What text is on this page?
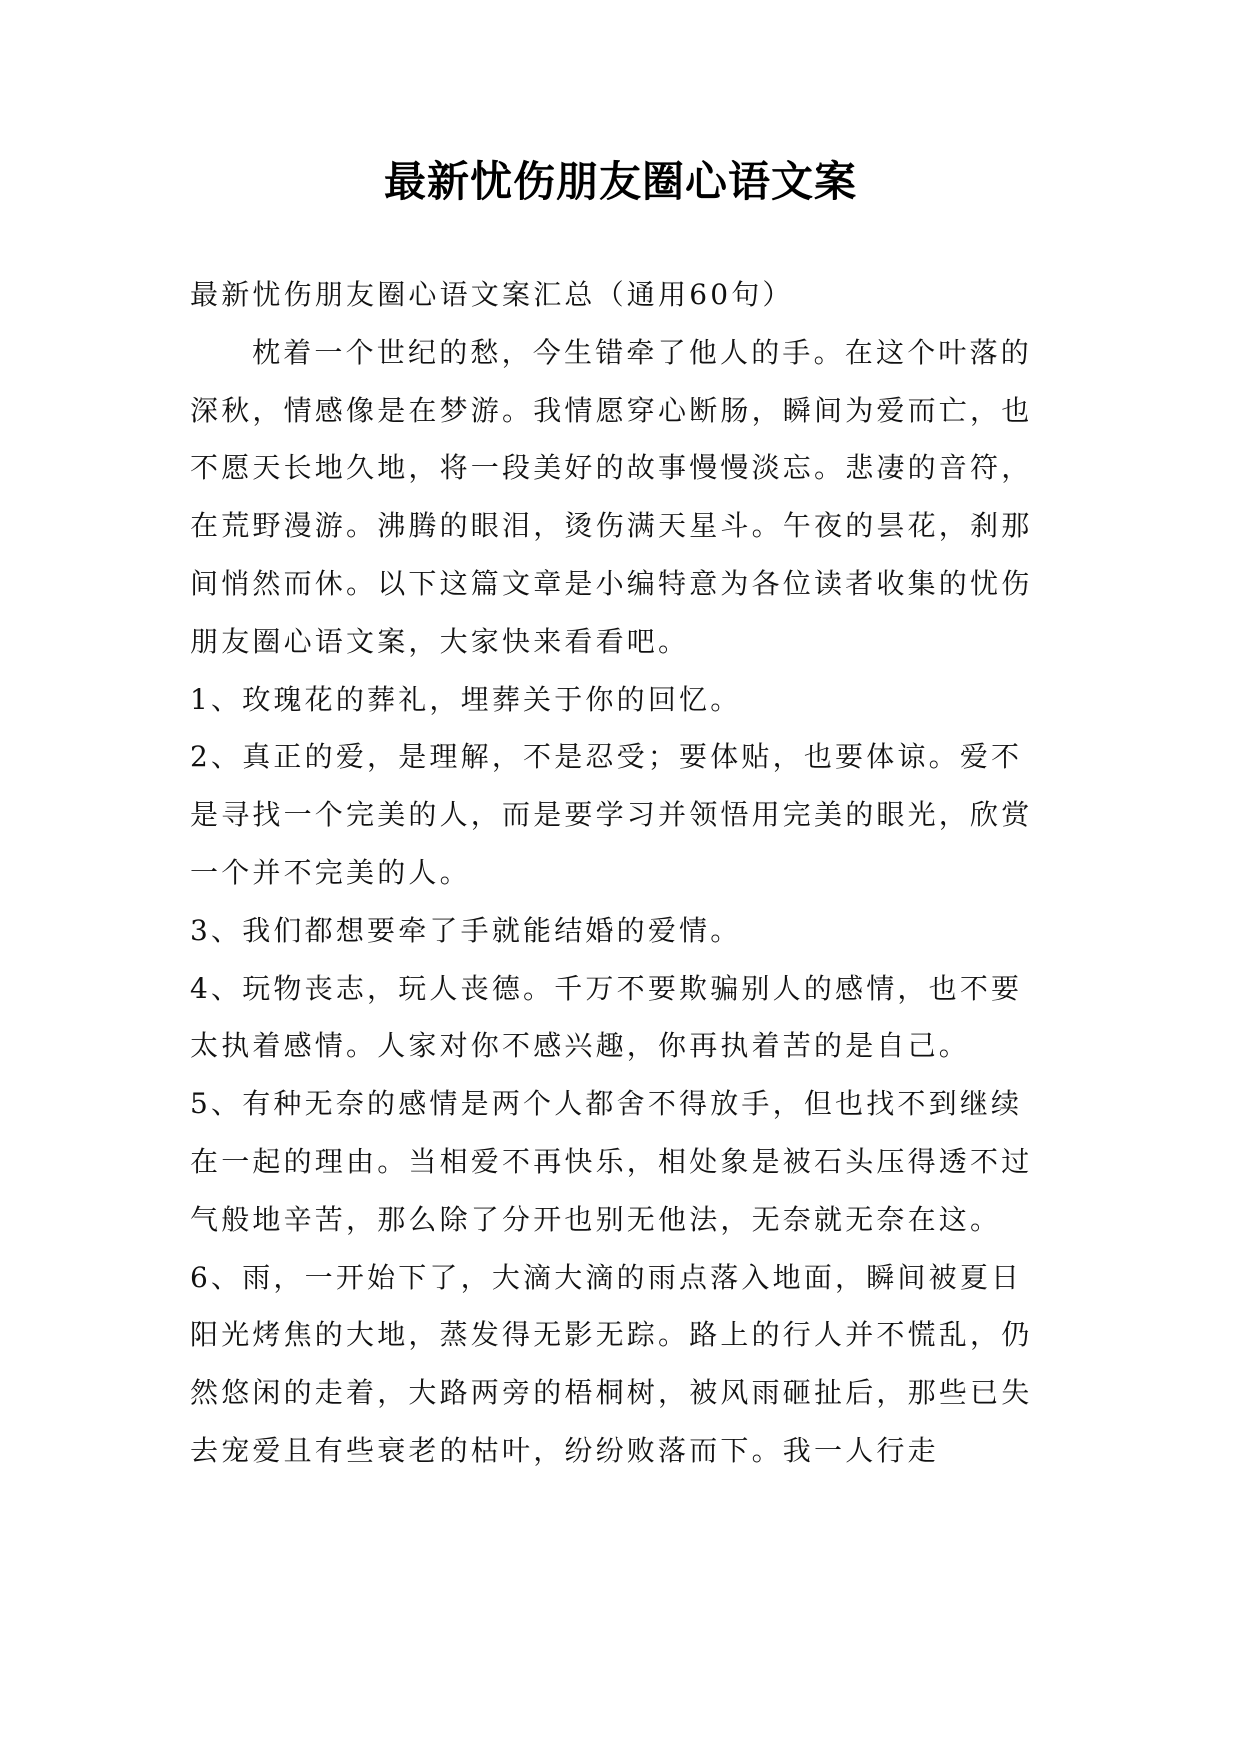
最新忧伤朋友圈心语文案

最新忧伤朋友圈心语文案汇总（通用60句）

枕着一个世纪的愁，今生错牵了他人的手。在这个叶落的深秋，情感像是在梦游。我情愿穿心断肠，瞬间为爱而亡，也不愿天长地久地，将一段美好的故事慢慢淡忘。悲凄的音符，在荒野漫游。沸腾的眼泪，烫伤满天星斗。午夜的昙花，刹那间悄然而休。以下这篇文章是小编特意为各位读者收集的忧伤朋友圈心语文案，大家快来看看吧。

1、玫瑰花的葬礼，埋葬关于你的回忆。

2、真正的爱，是理解，不是忍受；要体贴，也要体谅。爱不是寻找一个完美的人，而是要学习并领悟用完美的眼光，欣赏一个并不完美的人。

3、我们都想要牵了手就能结婚的爱情。

4、玩物丧志，玩人丧德。千万不要欺骗别人的感情，也不要太执着感情。人家对你不感兴趣，你再执着苦的是自己。

5、有种无奈的感情是两个人都舍不得放手，但也找不到继续在一起的理由。当相爱不再快乐，相处象是被石头压得透不过气般地辛苦，那么除了分开也别无他法，无奈就无奈在这。

6、雨，一开始下了，大滴大滴的雨点落入地面，瞬间被夏日阳光烤焦的大地，蒸发得无影无踪。路上的行人并不慌乱，仍然悠闲的走着，大路两旁的梧桐树，被风雨砸扯后，那些已失去宠爱且有些衰老的枯叶，纷纷败落而下。我一人行走
